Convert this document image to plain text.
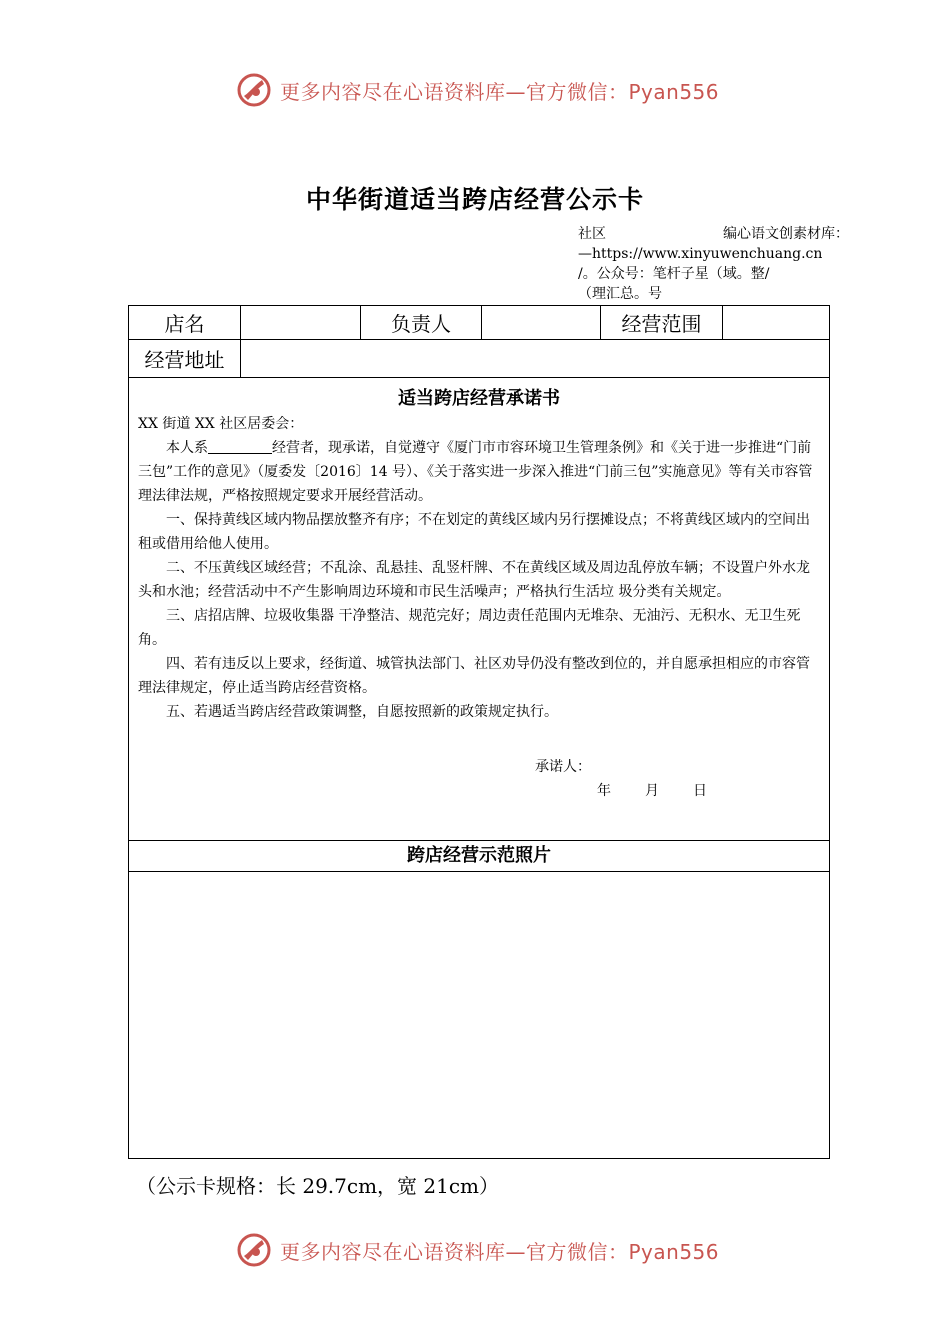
更多内容尽在心语资料库—官方微信：Pyan556
中华街道适当跨店经营公示卡

社区	编心语文创素材库：

—https://www.xinyuwenchuang.cn

/。公众号：笔杆子星（域。整/

（理汇总。号

店名	负责人	经营范围
经营地址
适当跨店经营承诺书

XX 街道 XX 社区居委会：

本人系	经营者，现承诺，自觉遵守《厦门市市容环境卫生管理条例》和《关于进一步推进“门前三包”工作的意见》（厦委发〔2016〕14 号）、《关于落实进一步深入推进“门前三包”实施意见》等有关市容管理法律法规，严格按照规定要求开展经营活动。

一、保持黄线区域内物品摆放整齐有序；不在划定的黄线区域内另行摆摊设点；不将黄线区域内的空间出租或借用给他人使用。

二、不压黄线区域经营；不乱涂、乱悬挂、乱竖杆牌、不在黄线区域及周边乱停放车辆；不设置户外水龙头和水池；经营活动中不产生影响周边环境和市民生活噪声；严格执行生活垃 圾分类有关规定。

三、店招店牌、垃圾收集器 干净整洁、规范完好；周边责任范围内无堆杂、无油污、无积水、无卫生死角。

四、若有违反以上要求，经街道、城管执法部门、社区劝导仍没有整改到位的，并自愿承担相应的市容管理法律规定，停止适当跨店经营资格。

五、若遇适当跨店经营政策调整，自愿按照新的政策规定执行。

承诺人：
年 月 日
跨店经营示范照片
（公示卡规格：长 29.7cm，宽 21cm）
更多内容尽在心语资料库—官方微信：Pyan556
